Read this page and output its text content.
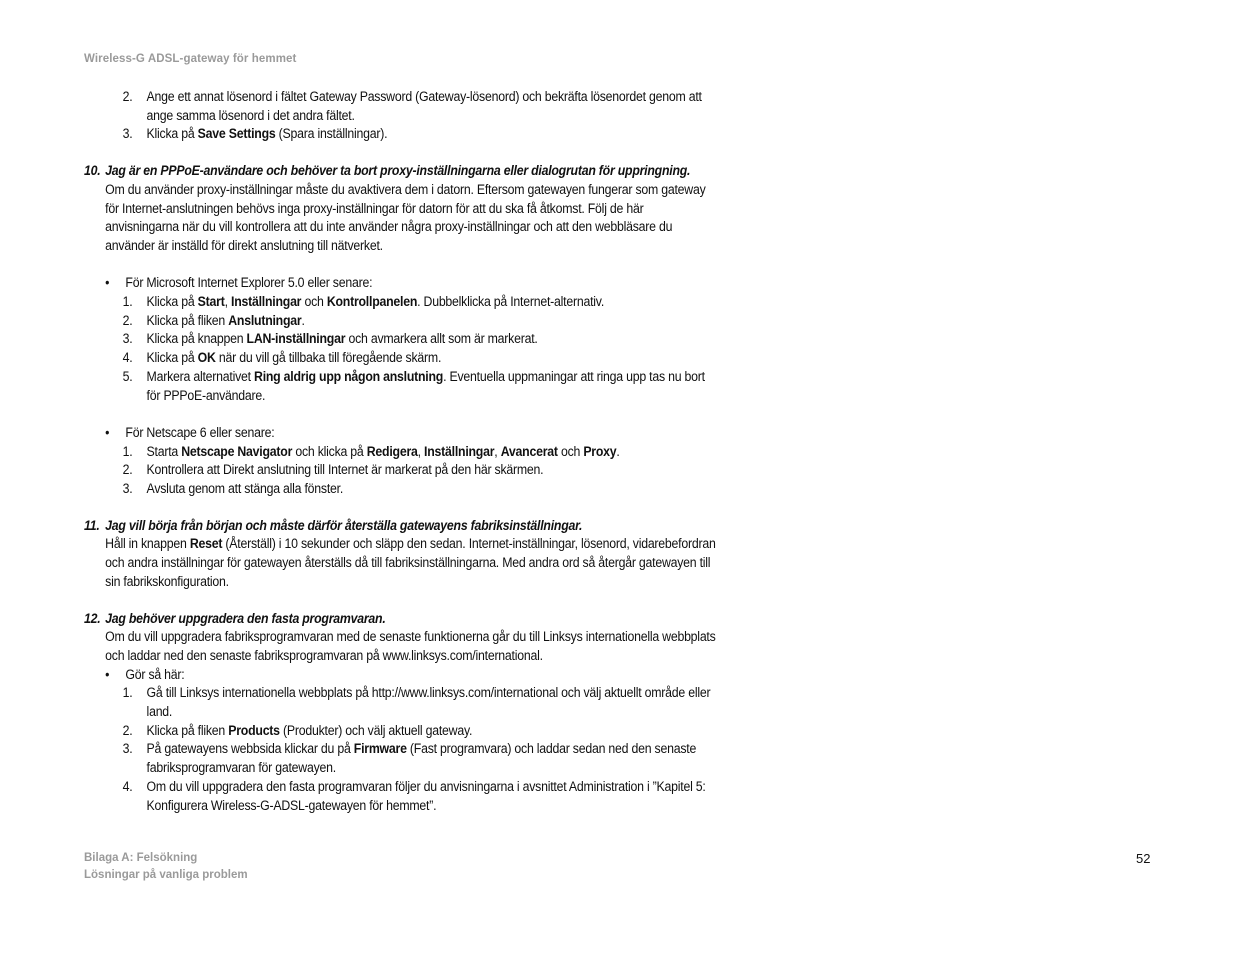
Wireless-G ADSL-gateway för hemmet
2.	Ange ett annat lösenord i fältet Gateway Password (Gateway-lösenord) och bekräfta lösenordet genom att ange samma lösenord i det andra fältet.
3.	Klicka på Save Settings (Spara inställningar).
10. Jag är en PPPoE-användare och behöver ta bort proxy-inställningarna eller dialogrutan för uppringning.
Om du använder proxy-inställningar måste du avaktivera dem i datorn. Eftersom gatewayen fungerar som gateway för Internet-anslutningen behövs inga proxy-inställningar för datorn för att du ska få åtkomst. Följ de här anvisningarna när du vill kontrollera att du inte använder några proxy-inställningar och att den webbläsare du använder är inställd för direkt anslutning till nätverket.
•	För Microsoft Internet Explorer 5.0 eller senare:
1.	Klicka på Start, Inställningar och Kontrollpanelen. Dubbelklicka på Internet-alternativ.
2.	Klicka på fliken Anslutningar.
3.	Klicka på knappen LAN-inställningar och avmarkera allt som är markerat.
4.	Klicka på OK när du vill gå tillbaka till föregående skärm.
5.	Markera alternativet Ring aldrig upp någon anslutning. Eventuella uppmaningar att ringa upp tas nu bort för PPPoE-användare.
•	För Netscape 6 eller senare:
1.	Starta Netscape Navigator och klicka på Redigera, Inställningar, Avancerat och Proxy.
2.	Kontrollera att Direkt anslutning till Internet är markerat på den här skärmen.
3.	Avsluta genom att stänga alla fönster.
11. Jag vill börja från början och måste därför återställa gatewayens fabriksinställningar.
Håll in knappen Reset (Återställ) i 10 sekunder och släpp den sedan. Internet-inställningar, lösenord, vidarebefordran och andra inställningar för gatewayen återställs då till fabriksinställningarna. Med andra ord så återgår gatewayen till sin fabrikskonfiguration.
12. Jag behöver uppgradera den fasta programvaran.
Om du vill uppgradera fabriksprogramvaran med de senaste funktionerna går du till Linksys internationella webbplats och laddar ned den senaste fabriksprogramvaran på www.linksys.com/international.
•	Gör så här:
1.	Gå till Linksys internationella webbplats på http://www.linksys.com/international och välj aktuellt område eller land.
2.	Klicka på fliken Products (Produkter) och välj aktuell gateway.
3.	På gatewayens webbsida klickar du på Firmware (Fast programvara) och laddar sedan ned den senaste fabriksprogramvaran för gatewayen.
4.	Om du vill uppgradera den fasta programvaran följer du anvisningarna i avsnittet Administration i ”Kapitel 5: Konfigurera Wireless-G-ADSL-gatewayen för hemmet”.
Bilaga A: Felsökning
Lösningar på vanliga problem
52
